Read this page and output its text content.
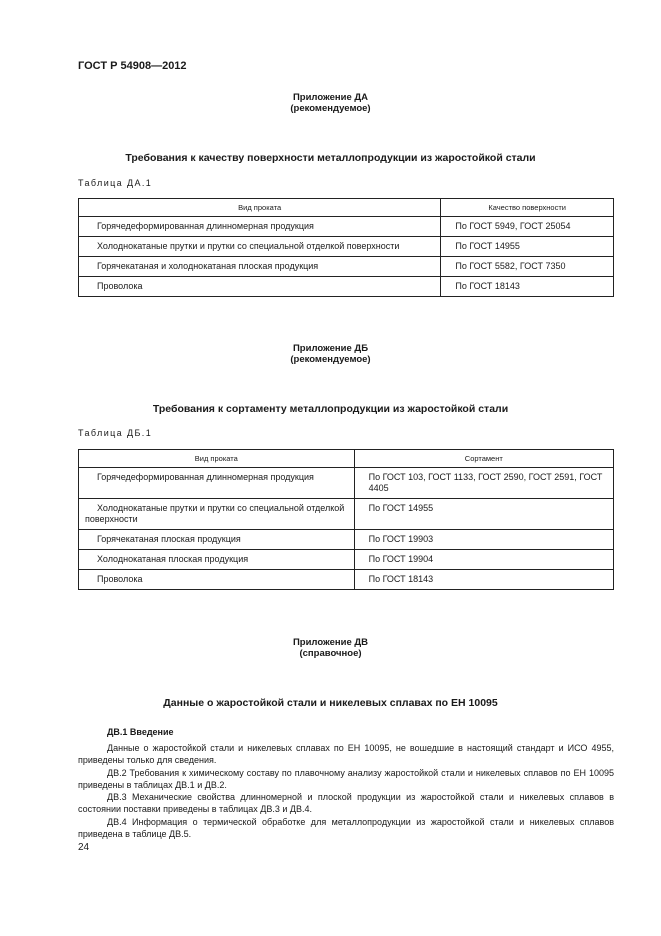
ГОСТ Р 54908—2012
Приложение ДА
(рекомендуемое)
Требования к качеству поверхности металлопродукции из жаростойкой стали
Таблица ДА.1
Вид проката	Качество поверхности

Горячедеформированная длинномерная продукция	По ГОСТ 5949, ГОСТ 25054

Холоднокатаные прутки и прутки со специальной отделкой поверхности	По ГОСТ 14955

Горячекатаная и холоднокатаная плоская продукция	По ГОСТ 5582, ГОСТ 7350

Проволока	По ГОСТ 18143
Приложение ДБ
(рекомендуемое)
Требования к сортаменту металлопродукции из жаростойкой стали
Таблица ДБ.1
Вид проката	Сортамент

Горячедеформированная длинномерная продукция	По ГОСТ 103, ГОСТ 1133, ГОСТ 2590, ГОСТ 2591, ГОСТ 4405

Холоднокатаные прутки и прутки со специальной отделкой поверхности	По ГОСТ 14955

Горячекатаная плоская продукция	По ГОСТ 19903

Холоднокатаная плоская продукция	По ГОСТ 19904

Проволока	По ГОСТ 18143
Приложение ДВ
(справочное)
Данные о жаростойкой стали и никелевых сплавах по ЕН 10095
ДВ.1 Введение
Данные о жаростойкой стали и никелевых сплавах по ЕН 10095, не вошедшие в настоящий стандарт и ИСО 4955, приведены только для сведения.
ДВ.2 Требования к химическому составу по плавочному анализу жаростойкой стали и никелевых сплавов по ЕН 10095 приведены в таблицах ДВ.1 и ДВ.2.
ДВ.3 Механические свойства длинномерной и плоской продукции из жаростойкой стали и никелевых сплавов в состоянии поставки приведены в таблицах ДВ.3 и ДВ.4.
ДВ.4 Информация о термической обработке для металлопродукции из жаростойкой стали и никелевых сплавов приведена в таблице ДВ.5.
24
